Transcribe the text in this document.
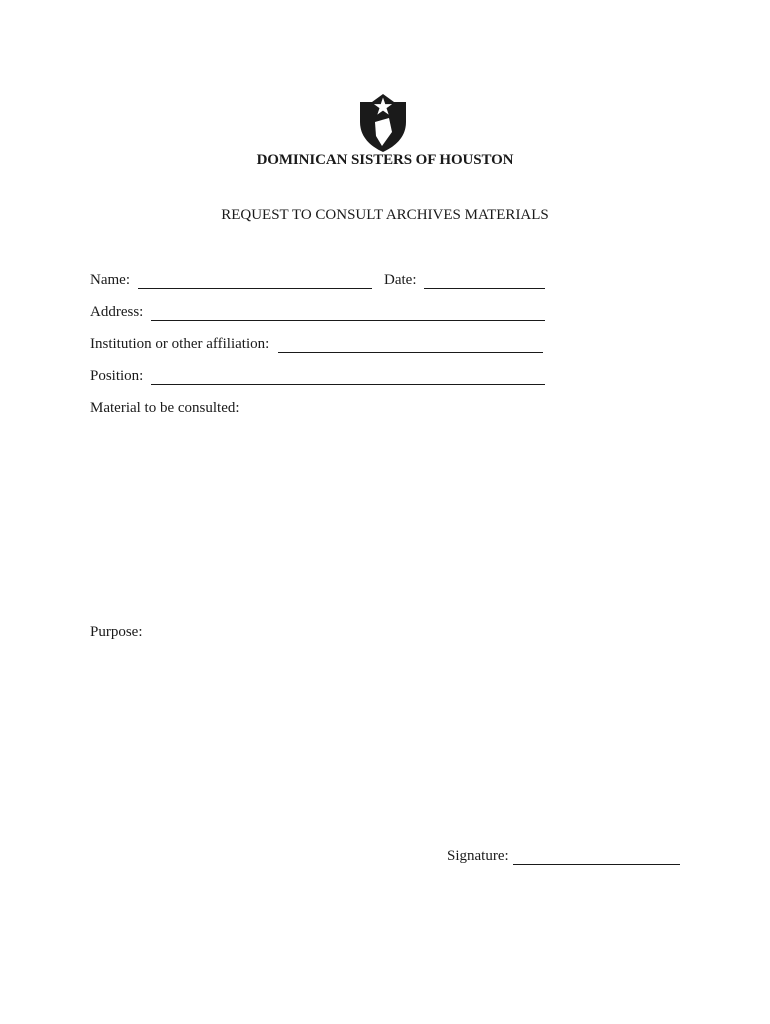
DOMINICAN SISTERS OF HOUSTON
REQUEST TO CONSULT ARCHIVES MATERIALS
Name:	Date:
Address:
Institution or other affiliation:
Position:
Material to be consulted:
Purpose:
Signature:
